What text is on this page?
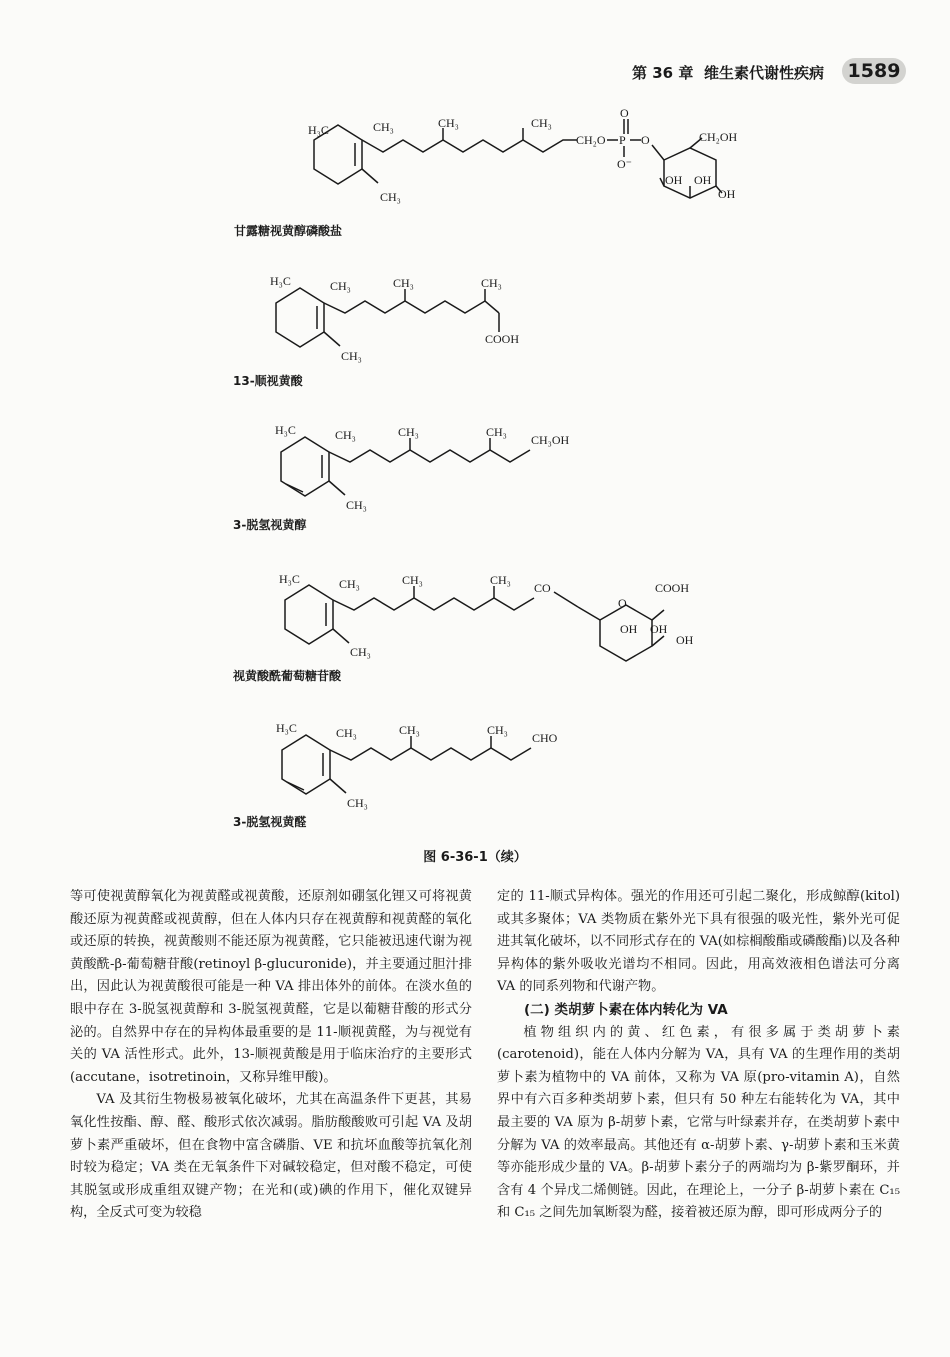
第 36 章 维生素代谢性疾病 1589
H₃C	CH₃
CH₃
CH₃	CH₃
CH₂O
O
P O
O⁻
CH₂OH
OH OH
OH
H₃C	CH₃
CH₃
CH₃	CH₃
COOH
H₃C	CH₃
CH₃
CH₃	CH₃
CH₃OH
H₃C	CH₃
CH₃
CH₃	CH₃
CO
O
COOH
OH OH
OH
H₃C	CH₃
CH₃
CH₃	CH₃
CHO
甘露糖视黄醇磷酸盐
13-顺视黄酸
3-脱氢视黄醇
视黄酸酰葡萄糖苷酸
3-脱氢视黄醛
图 6-36-1（续）

等可使视黄醇氧化为视黄醛或视黄酸，还原剂如硼氢化锂又可将视黄酸还原为视黄醛或视黄醇，但在人体内只存在视黄醇和视黄醛的氧化或还原的转换，视黄酸则不能还原为视黄醛，它只能被迅速代谢为视黄酸酰-β-葡萄糖苷酸(retinoyl β-glucuronide)，并主要通过胆汁排出，因此认为视黄酸很可能是一种 VA 排出体外的前体。在淡水鱼的眼中存在 3-脱氢视黄醇和 3-脱氢视黄醛，它是以葡糖苷酸的形式分泌的。自然界中存在的异构体最重要的是 11-顺视黄醛，为与视觉有关的 VA 活性形式。此外，13-顺视黄酸是用于临床治疗的主要形式(accutane，isotretinoin，又称异维甲酸)。

VA 及其衍生物极易被氧化破坏，尤其在高温条件下更甚，其易氧化性按酯、醇、醛、酸形式依次减弱。脂肪酸酸败可引起 VA 及胡萝卜素严重破坏，但在食物中富含磷脂、VE 和抗坏血酸等抗氧化剂时较为稳定；VA 类在无氧条件下对碱较稳定，但对酸不稳定，可使其脱氢或形成重组双键产物；在光和(或)碘的作用下，催化双键异构，全反式可变为较稳

定的 11-顺式异构体。强光的作用还可引起二聚化，形成鲸醇(kitol)或其多聚体；VA 类物质在紫外光下具有很强的吸光性，紫外光可促进其氧化破坏，以不同形式存在的 VA(如棕榈酸酯或磷酸酯)以及各种异构体的紫外吸收光谱均不相同。因此，用高效液相色谱法可分离 VA 的同系列物和代谢产物。

(二) 类胡萝卜素在体内转化为 VA

植物组织内的黄、红色素，有很多属于类胡萝卜素(carotenoid)，能在人体内分解为 VA，具有 VA 的生理作用的类胡萝卜素为植物中的 VA 前体，又称为 VA 原(pro-vitamin A)，自然界中有六百多种类胡萝卜素，但只有 50 种左右能转化为 VA，其中最主要的 VA 原为 β-胡萝卜素，它常与叶绿素并存，在类胡萝卜素中分解为 VA 的效率最高。其他还有 α-胡萝卜素、γ-胡萝卜素和玉米黄等亦能形成少量的 VA。β-胡萝卜素分子的两端均为 β-紫罗酮环，并含有 4 个异戊二烯侧链。因此，在理论上，一分子 β-胡萝卜素在 C₁₅ 和 C₁₅ 之间先加氧断裂为醛，接着被还原为醇，即可形成两分子的
